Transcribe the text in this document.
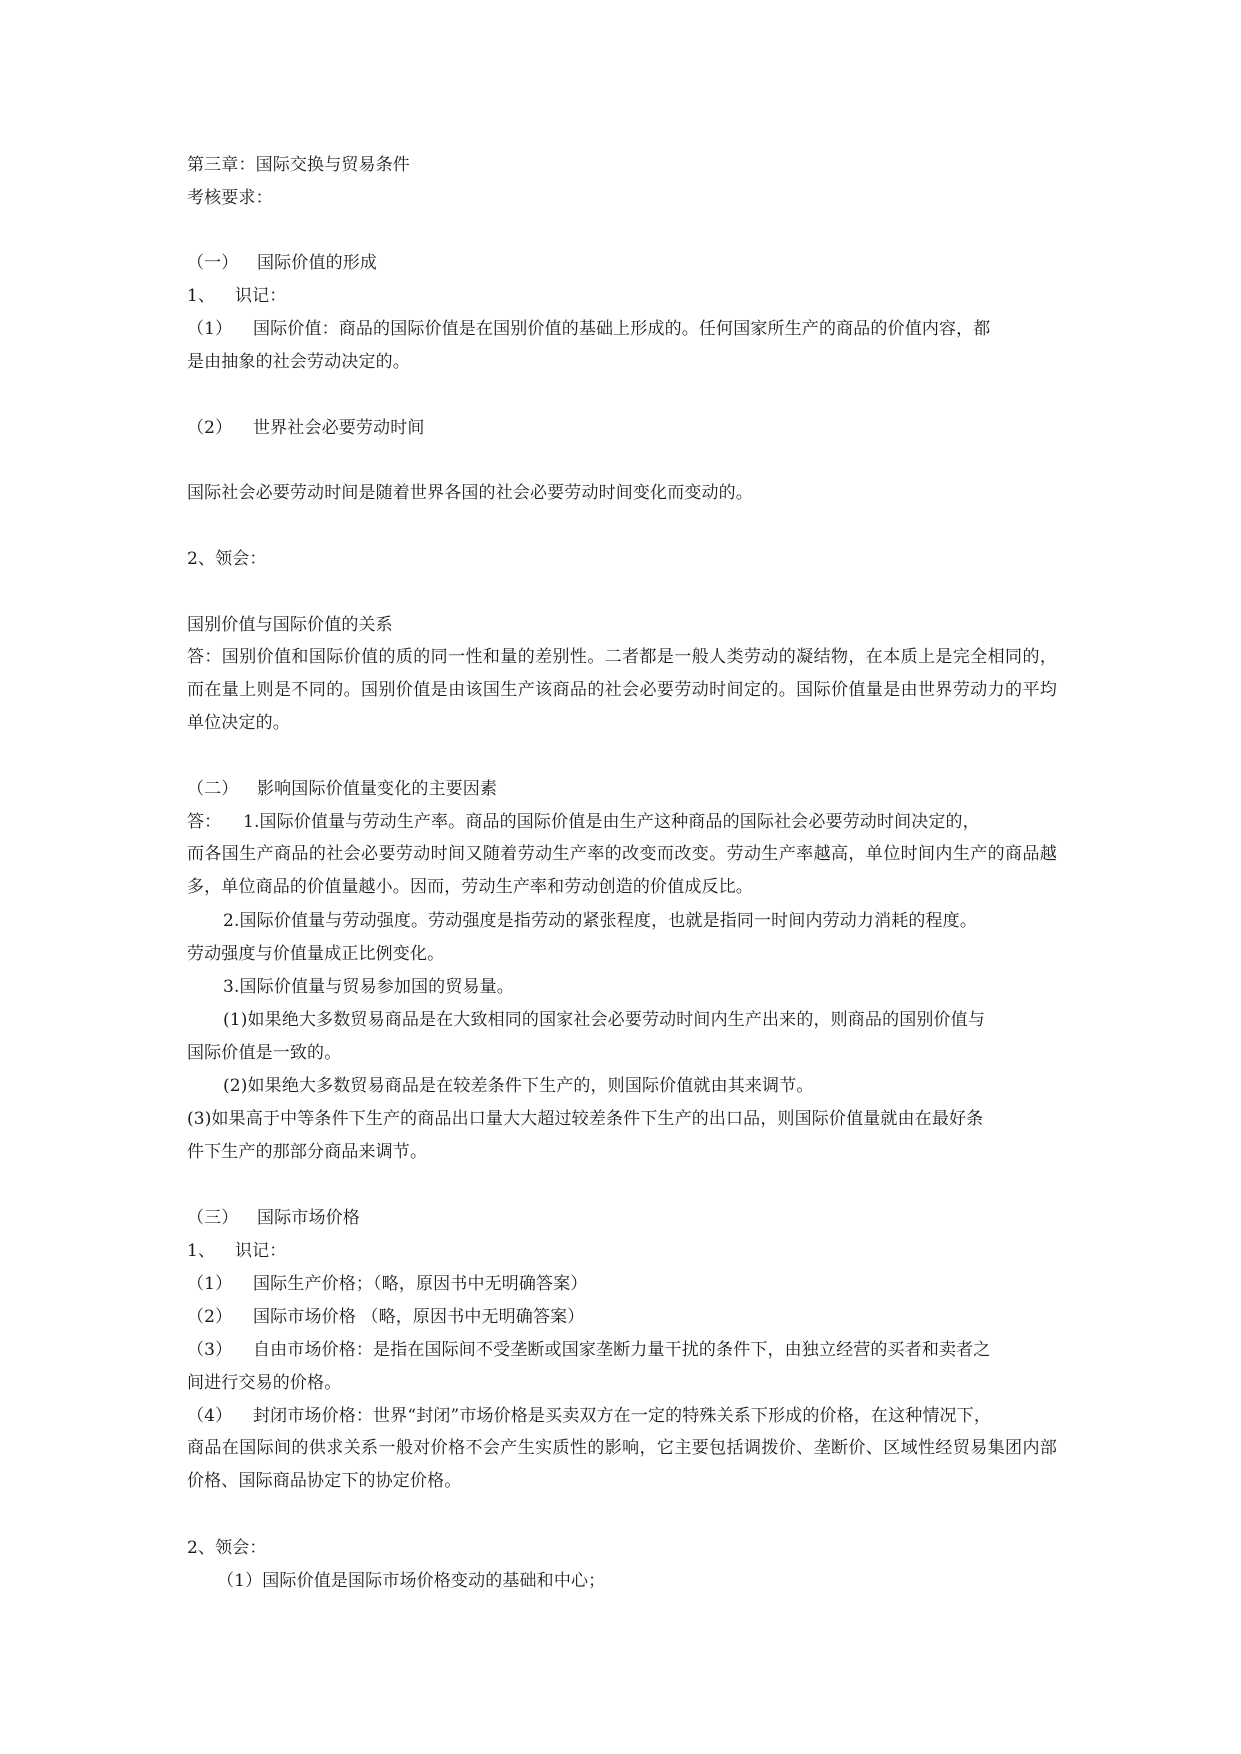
第三章：国际交换与贸易条件
考核要求：
（一） 国际价值的形成
1、 识记：
（1） 国际价值：商品的国际价值是在国别价值的基础上形成的。任何国家所生产的商品的价值内容，都
是由抽象的社会劳动决定的。
（2） 世界社会必要劳动时间
国际社会必要劳动时间是随着世界各国的社会必要劳动时间变化而变动的。
2、领会：
国别价值与国际价值的关系
答：国别价值和国际价值的质的同一性和量的差别性。二者都是一般人类劳动的凝结物，在本质上是完全相同的，而在量上则是不同的。国别价值是由该国生产该商品的社会必要劳动时间定的。国际价值量是由世界劳动力的平均单位决定的。
（二） 影响国际价值量变化的主要因素
答： 1.国际价值量与劳动生产率。商品的国际价值是由生产这种商品的国际社会必要劳动时间决定的，
而各国生产商品的社会必要劳动时间又随着劳动生产率的改变而改变。劳动生产率越高，单位时间内生产的商品越多，单位商品的价值量越小。因而，劳动生产率和劳动创造的价值成反比。
2.国际价值量与劳动强度。劳动强度是指劳动的紧张程度，也就是指同一时间内劳动力消耗的程度。
劳动强度与价值量成正比例变化。
3.国际价值量与贸易参加国的贸易量。
(1)如果绝大多数贸易商品是在大致相同的国家社会必要劳动时间内生产出来的，则商品的国别价值与
国际价值是一致的。
(2)如果绝大多数贸易商品是在较差条件下生产的，则国际价值就由其来调节。
(3)如果高于中等条件下生产的商品出口量大大超过较差条件下生产的出口品，则国际价值量就由在最好条
件下生产的那部分商品来调节。
（三） 国际市场价格
1、 识记：
（1） 国际生产价格；（略，原因书中无明确答案）
（2） 国际市场价格 （略，原因书中无明确答案）
（3） 自由市场价格：是指在国际间不受垄断或国家垄断力量干扰的条件下，由独立经营的买者和卖者之
间进行交易的价格。
（4） 封闭市场价格：世界“封闭”市场价格是买卖双方在一定的特殊关系下形成的价格，在这种情况下，
商品在国际间的供求关系一般对价格不会产生实质性的影响，它主要包括调拨价、垄断价、区域性经贸易集团内部价格、国际商品协定下的协定价格。
2、领会：
（1）国际价值是国际市场价格变动的基础和中心；
